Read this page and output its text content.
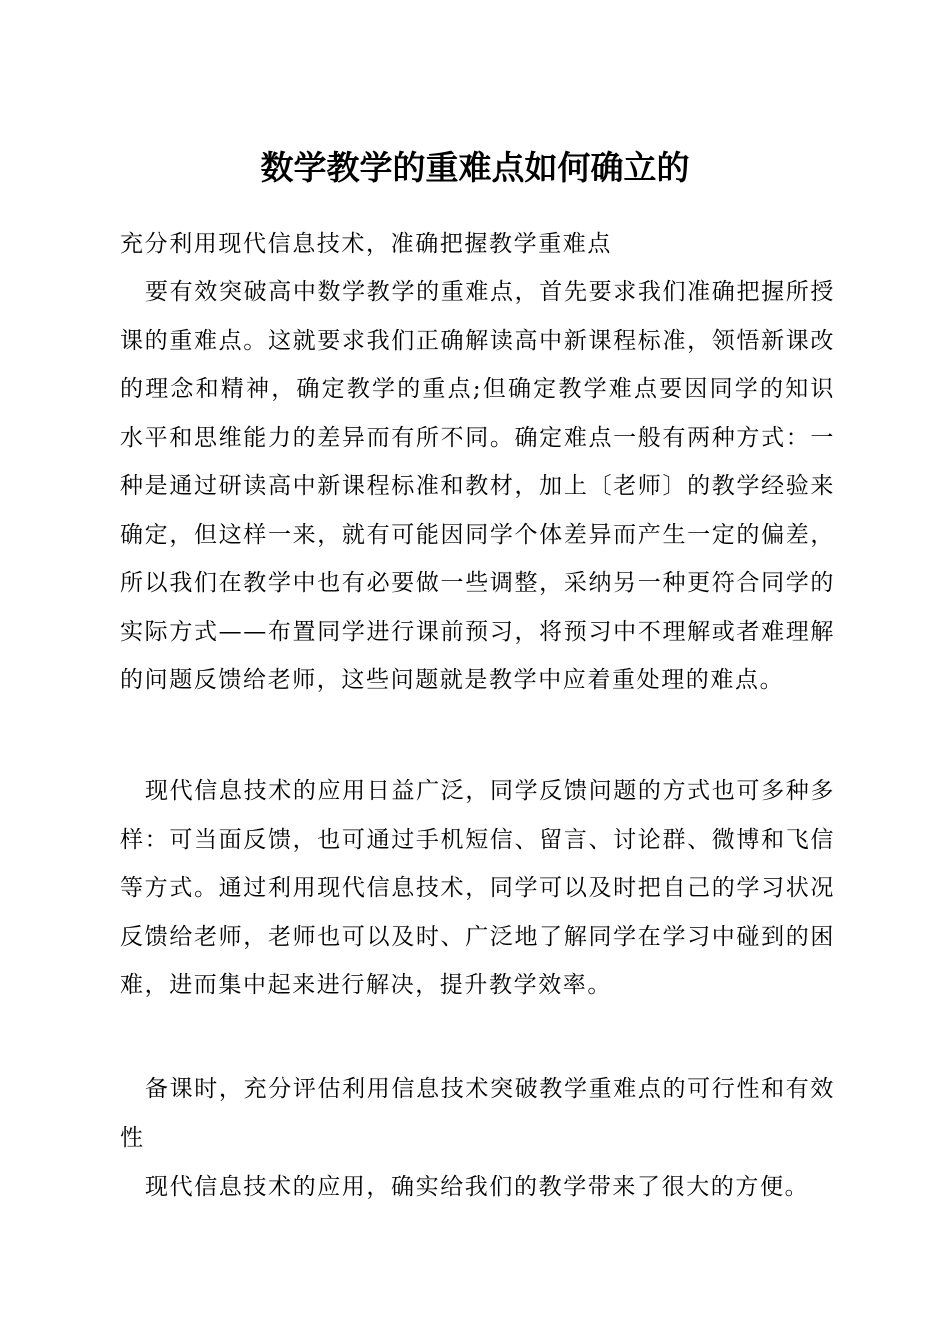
数学教学的重难点如何确立的

充分利用现代信息技术，准确把握教学重难点

要有效突破高中数学教学的重难点，首先要求我们准确把握所授课的重难点。这就要求我们正确解读高中新课程标准，领悟新课改的理念和精神，确定教学的重点;但确定教学难点要因同学的知识水平和思维能力的差异而有所不同。确定难点一般有两种方式：一种是通过研读高中新课程标准和教材，加上〔老师〕的教学经验来确定，但这样一来，就有可能因同学个体差异而产生一定的偏差，所以我们在教学中也有必要做一些调整，采纳另一种更符合同学的实际方式——布置同学进行课前预习，将预习中不理解或者难理解的问题反馈给老师，这些问题就是教学中应着重处理的难点。

现代信息技术的应用日益广泛，同学反馈问题的方式也可多种多样：可当面反馈，也可通过手机短信、留言、讨论群、微博和飞信等方式。通过利用现代信息技术，同学可以及时把自己的学习状况反馈给老师，老师也可以及时、广泛地了解同学在学习中碰到的困难，进而集中起来进行解决，提升教学效率。

备课时，充分评估利用信息技术突破教学重难点的可行性和有效性

现代信息技术的应用，确实给我们的教学带来了很大的方便。
